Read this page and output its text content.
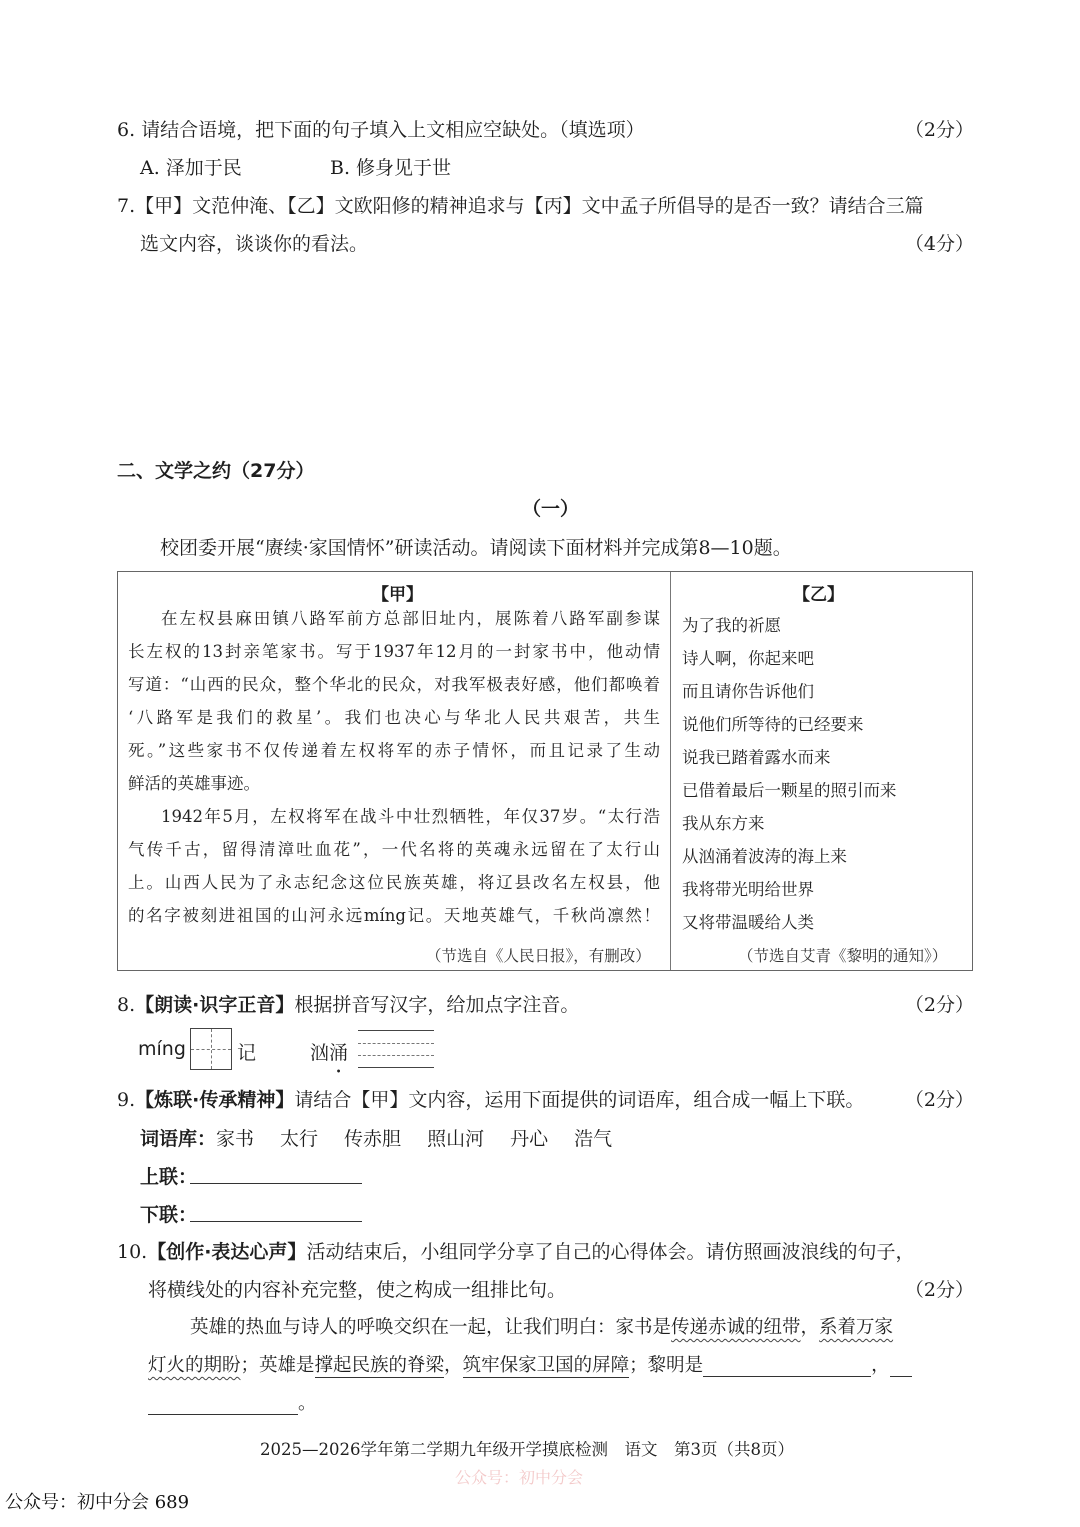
6. 请结合语境，把下面的句子填入上文相应空缺处。（填选项）	（2分）
A. 泽加于民	B. 修身见于世
7.【甲】文范仲淹、【乙】文欧阳修的精神追求与【丙】文中孟子所倡导的是否一致？请结合三篇
选文内容，谈谈你的看法。	（4分）
二、文学之约（27分）
（一）
校团委开展“赓续·家国情怀”研读活动。请阅读下面材料并完成第8—10题。
【甲】	【乙】

在左权县麻田镇八路军前方总部旧址内，展陈着八路军副参谋

长左权的13封亲笔家书。写于1937年12月的一封家书中，他动情

写道：“山西的民众，整个华北的民众，对我军极表好感，他们都唤着

‘八路军是我们的救星’。我们也决心与华北人民共艰苦，共生

死。”这些家书不仅传递着左权将军的赤子情怀，而且记录了生动

鲜活的英雄事迹。

1942年5月，左权将军在战斗中壮烈牺牲，年仅37岁。“太行浩

气传千古，留得清漳吐血花”，一代名将的英魂永远留在了太行山

上。山西人民为了永志纪念这位民族英雄，将辽县改名左权县，他

的名字被刻进祖国的山河永远míng记。天地英雄气，千秋尚凛然！

（节选自《人民日报》，有删改）
为了我的祈愿
诗人啊，你起来吧
而且请你告诉他们
说他们所等待的已经要来
说我已踏着露水而来
已借着最后一颗星的照引而来
我从东方来
从汹涌着波涛的海上来
我将带光明给世界
又将带温暖给人类
（节选自艾青《黎明的通知》）
8.【朗读·识字正音】根据拼音写汉字，给加点字注音。	（2分）
míng	记	汹涌
9.【炼联·传承精神】请结合【甲】文内容，运用下面提供的词语库，组合成一幅上下联。 （2分）
词语库：家书 太行 传赤胆 照山河 丹心 浩气
上联：
下联：
10.【创作·表达心声】活动结束后，小组同学分享了自己的心得体会。请仿照画波浪线的句子，
将横线处的内容补充完整，使之构成一组排比句。	（2分）
英雄的热血与诗人的呼唤交织在一起，让我们明白：家书是传递赤诚的纽带，系着万家
灯火的期盼；英雄是撑起民族的脊梁，筑牢保家卫国的屏障；黎明是	，
。
2025—2026学年第二学期九年级开学摸底检测　语文　第3页（共8页）
公众号：初中分会
公众号：初中分会 689
